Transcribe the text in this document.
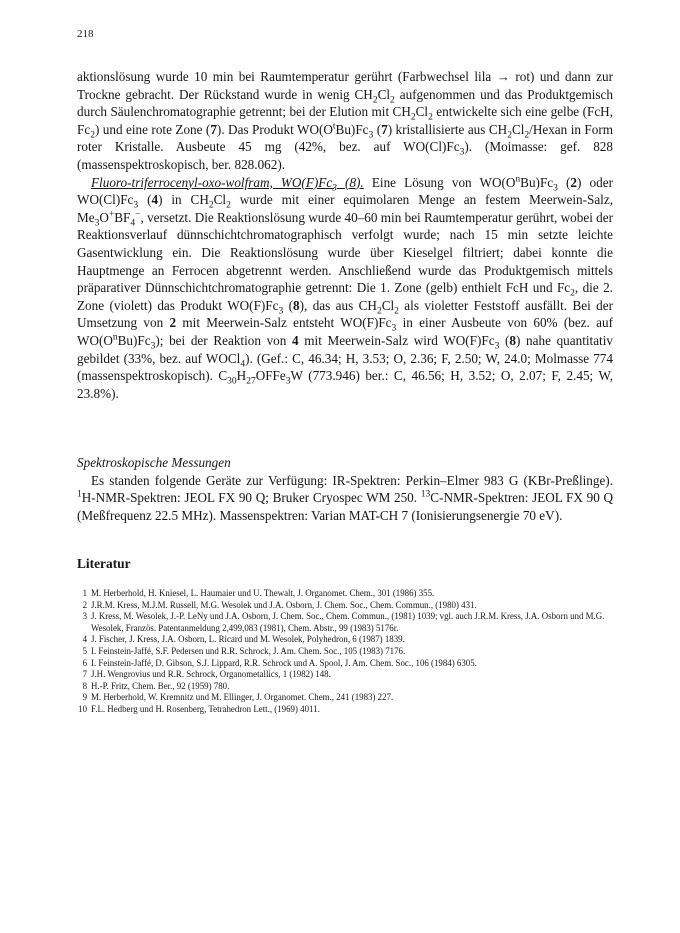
218

aktionslösung wurde 10 min bei Raumtemperatur gerührt (Farbwechsel lila → rot) und dann zur Trockne gebracht. Der Rückstand wurde in wenig $CH_2Cl_2$ aufgenommen und das Produktgemisch durch Säulenchromatographie getrennt; bei der Elution mit $CH_2Cl_2$ entwickelte sich eine gelbe (FcH, $Fc_2$) und eine rote Zone (7). Das Produkt $WO(O^tBu)Fc_3$ (7) kristallisierte aus $CH_2Cl_2$/Hexan in Form roter Kristalle. Ausbeute 45 mg (42%, bez. auf $WO(Cl)Fc_3$). (Moimasse: gef. 828 (massenspektroskopisch, ber. 828.062).

Fluoro-triferrocenyl-oxo-wolfram, $WO(F)Fc_3$ (8). Eine Lösung von $WO(O^nBu)Fc_3$ (2) oder $WO(Cl)Fc_3$ (4) in $CH_2Cl_2$ wurde mit einer equimolaren Menge an festem Meerwein-Salz, $Me_3O^+BF_4^-$, versetzt. Die Reaktionslösung wurde 40–60 min bei Raumtemperatur gerührt, wobei der Reaktionsverlauf dünnschichtchromatographisch verfolgt wurde; nach 15 min setzte leichte Gasentwicklung ein. Die Reaktionslösung wurde über Kieselgel filtriert; dabei konnte die Hauptmenge an Ferrocen abgetrennt werden. Anschließend wurde das Produktgemisch mittels präparativer Dünnschichtchromatographie getrennt: Die 1. Zone (gelb) enthielt FcH und $Fc_2$, die 2. Zone (violett) das Produkt $WO(F)Fc_3$ (8), das aus $CH_2Cl_2$ als violetter Feststoff ausfällt. Bei der Umsetzung von 2 mit Meerwein-Salz entsteht $WO(F)Fc_3$ in einer Ausbeute von 60% (bez. auf $WO(O^nBu)Fc_3$); bei der Reaktion von 4 mit Meerwein-Salz wird $WO(F)Fc_3$ (8) nahe quantitativ gebildet (33%, bez. auf WOCl$_4$). (Gef.: C, 46.34; H, 3.53; O, 2.36; F, 2.50; W, 24.0; Molmasse 774 (massenspektroskopisch). $C_{30}H_{27}OFFe_3W$ (773.946) ber.: C, 46.56; H, 3.52; O, 2.07; F, 2.45; W, 23.8%).

Spektroskopische Messungen

Es standen folgende Geräte zur Verfügung: IR-Spektren: Perkin–Elmer 983 G (KBr-Preßlinge). $^1$H-NMR-Spektren: JEOL FX 90 Q; Bruker Cryospec WM 250. $^{13}$C-NMR-Spektren: JEOL FX 90 Q (Meßfrequenz 22.5 MHz). Massenspektren: Varian MAT-CH 7 (Ionisierungsenergie 70 eV).

Literatur
1 M. Herberhold, H. Kniesel, L. Haumaier und U. Thewalt, J. Organomet. Chem., 301 (1986) 355.
2 J.R.M. Kress, M.J.M. Russell, M.G. Wesolek und J.A. Osborn, J. Chem. Soc., Chem. Commun., (1980) 431.
3 J. Kress, M. Wesolek, J.-P. LeNy und J.A. Osborn, J. Chem. Soc., Chem. Commun., (1981) 1039; vgl. auch J.R.M. Kress, J.A. Osborn und M.G. Wesolek, Französ. Patentanmeldung 2,499,083 (1981), Chem. Abstr., 99 (1983) 5176r.
4 J. Fischer, J. Kress, J.A. Osborn, L. Ricard und M. Wesolek, Polyhedron, 6 (1987) 1839.
5 I. Feinstein-Jaffé, S.F. Pedersen und R.R. Schrock, J. Am. Chem. Soc., 105 (1983) 7176.
6 I. Feinstein-Jaffé, D. Gibson, S.J. Lippard, R.R. Schrock und A. Spool, J. Am. Chem. Soc., 106 (1984) 6305.
7 J.H. Wengrovius und R.R. Schrock, Organometallics, 1 (1982) 148.
8 H.-P. Fritz, Chem. Ber., 92 (1959) 780.
9 M. Herberhold, W. Kremnitz und M. Ellinger, J. Organomet. Chem., 241 (1983) 227.
10 F.L. Hedberg und H. Rosenberg, Tetrahedron Lett., (1969) 4011.
